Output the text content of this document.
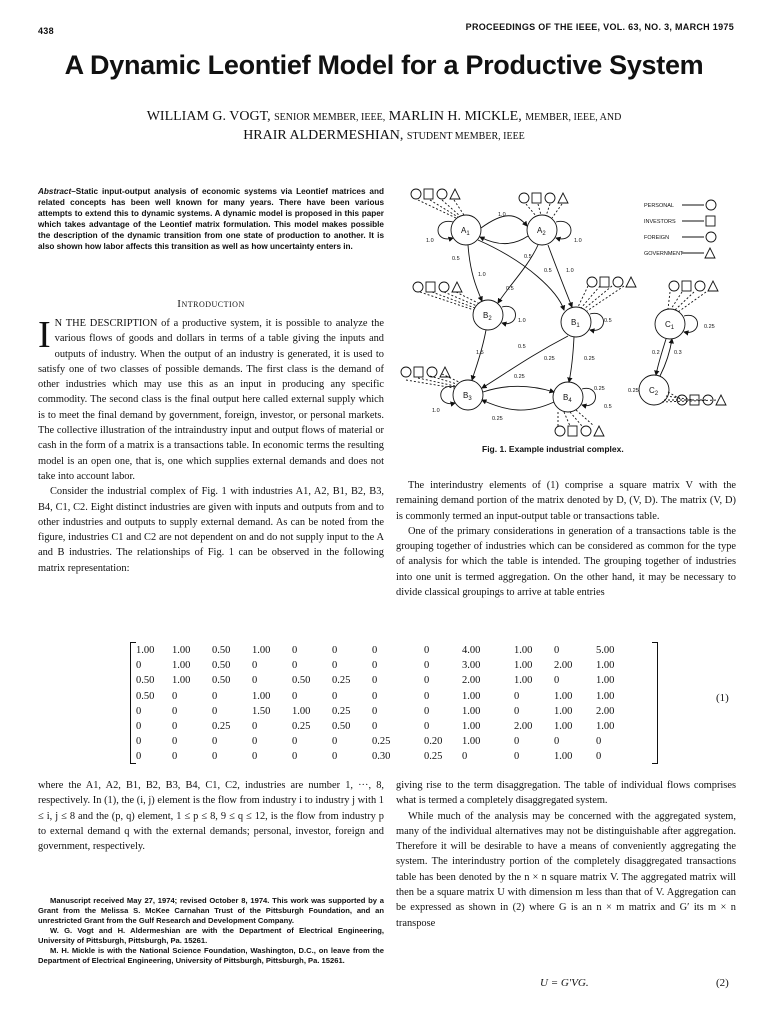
438	PROCEEDINGS OF THE IEEE, VOL. 63, NO. 3, MARCH 1975
A Dynamic Leontief Model for a Productive System
WILLIAM G. VOGT, SENIOR MEMBER, IEEE, MARLIN H. MICKLE, MEMBER, IEEE, AND
HRAIR ALDERMESHIAN, STUDENT MEMBER, IEEE
Abstract–Static input-output analysis of economic systems via Leontief matrices and related concepts has been well known for many years. There have been various attempts to extend this to dynamic systems. A dynamic model is proposed in this paper which takes advantage of the Leontief matrix formulation. This model makes possible the description of the dynamic transition from one state of production to another. It is also shown how labor affects this transition as well as how uncertainty enters in.
Introduction

I N THE DESCRIPTION of a productive system, it is possible to analyze the various flows of goods and dollars in terms of a table giving the inputs and outputs of industry. When the output of an industry is generated, it is used to satisfy one of two classes of possible demands. The first class is the demand of other industries which may use this as an input in producing any specific commodity. The second class is the final output here called external supply which is to meet the final demand by government, foreign, investor, or personal markets. The collective illustration of the intraindustry input and output flows of material or cash in the form of a matrix is a transactions table. In economic terms the resulting model is an open one, that is, one which supplies external demands and does not take into account labor.

Consider the industrial complex of Fig. 1 with industries A1, A2, B1, B2, B3, B4, C1, C2. Eight distinct industries are given with inputs and outputs from and to other industries and outputs to supply external demand. As can be noted from the figure, industries C1 and C2 are not dependent on and do not supply input to the A and B industries. The relationships of Fig. 1 can be observed in the following matrix representation:

$A_1$	$A_2$
$B_2$	$B_1$
$B_3$	$B_4$
$C_1$
$C_2$
PERSONAL
INVESTORS
FOREIGN
GOVERNMENT
1.0
1.0	1.0
0.5	0.5
1.0
0.5	1.0
1.0
0.5
1.5
0.5
0.25	0.25
0.25
0.25
1.0
0.25
0.5
0.25
0.5
0.2	0.3
0.25
Fig. 1. Example industrial complex.

The interindustry elements of (1) comprise a square matrix V with the remaining demand portion of the matrix denoted by D, (V, D). The matrix (V, D) is commonly termed an input-output table or transactions table.

One of the primary considerations in generation of a transactions table is the grouping together of industries which can be considered as common for the type of analysis for which the table is intended. The grouping together of industries into one unit is termed aggregation. On the other hand, it may be necessary to divide classical groupings to arrive at table entries

1.00	1.00	0.50	1.00	0	0	0	0	4.00	1.00	0	5.00
0	1.00	0.50	0	0	0	0	0	3.00	1.00	2.00	1.00
0.50	1.00	0.50	0	0.50	0.25	0	0	2.00	1.00	0	1.00
0.50	0	0	1.00	0	0	0	0	1.00	0	1.00	1.00
0	0	0	1.50	1.00	0.25	0	0	1.00	0	1.00	2.00
0	0	0.25	0	0.25	0.50	0	0	1.00	2.00	1.00	1.00
0	0	0	0	0	0	0.25	0.20	1.00	0	0	0
0	0	0	0	0	0	0.30	0.25	0	0	1.00	0
(1)

where the A1, A2, B1, B2, B3, B4, C1, C2, industries are number 1, ···, 8, respectively. In (1), the (i, j) element is the flow from industry i to industry j with 1 ≤ i, j ≤ 8 and the (p, q) element, 1 ≤ p ≤ 8, 9 ≤ q ≤ 12, is the flow from industry p to external demand q with the external demands; personal, investor, foreign and government, respectively.

Manuscript received May 27, 1974; revised October 8, 1974. This work was supported by a Grant from the Melissa S. McKee Carnahan Trust of the Pittsburgh Foundation, and an unrestricted Grant from the Gulf Research and Development Company.

W. G. Vogt and H. Aldermeshian are with the Department of Electrical Engineering, University of Pittsburgh, Pittsburgh, Pa. 15261.

M. H. Mickle is with the National Science Foundation, Washington, D.C., on leave from the Department of Electrical Engineering, University of Pittsburgh, Pittsburgh, Pa. 15261.

giving rise to the term disaggregation. The table of individual flows comprises what is termed a completely disaggregated system.

While much of the analysis may be concerned with the aggregated system, many of the individual alternatives may not be distinguishable after aggregation. Therefore it will be desirable to have a means of conveniently aggregating the system. The interindustry portion of the completely disaggregated transactions table has been denoted by the n × n square matrix V. The aggregated matrix will then be a square matrix U with dimension m less than that of V. Aggregation can be expressed as shown in (2) where G is an n × m matrix and G′ its m × n transpose

U = G′VG.	(2)
